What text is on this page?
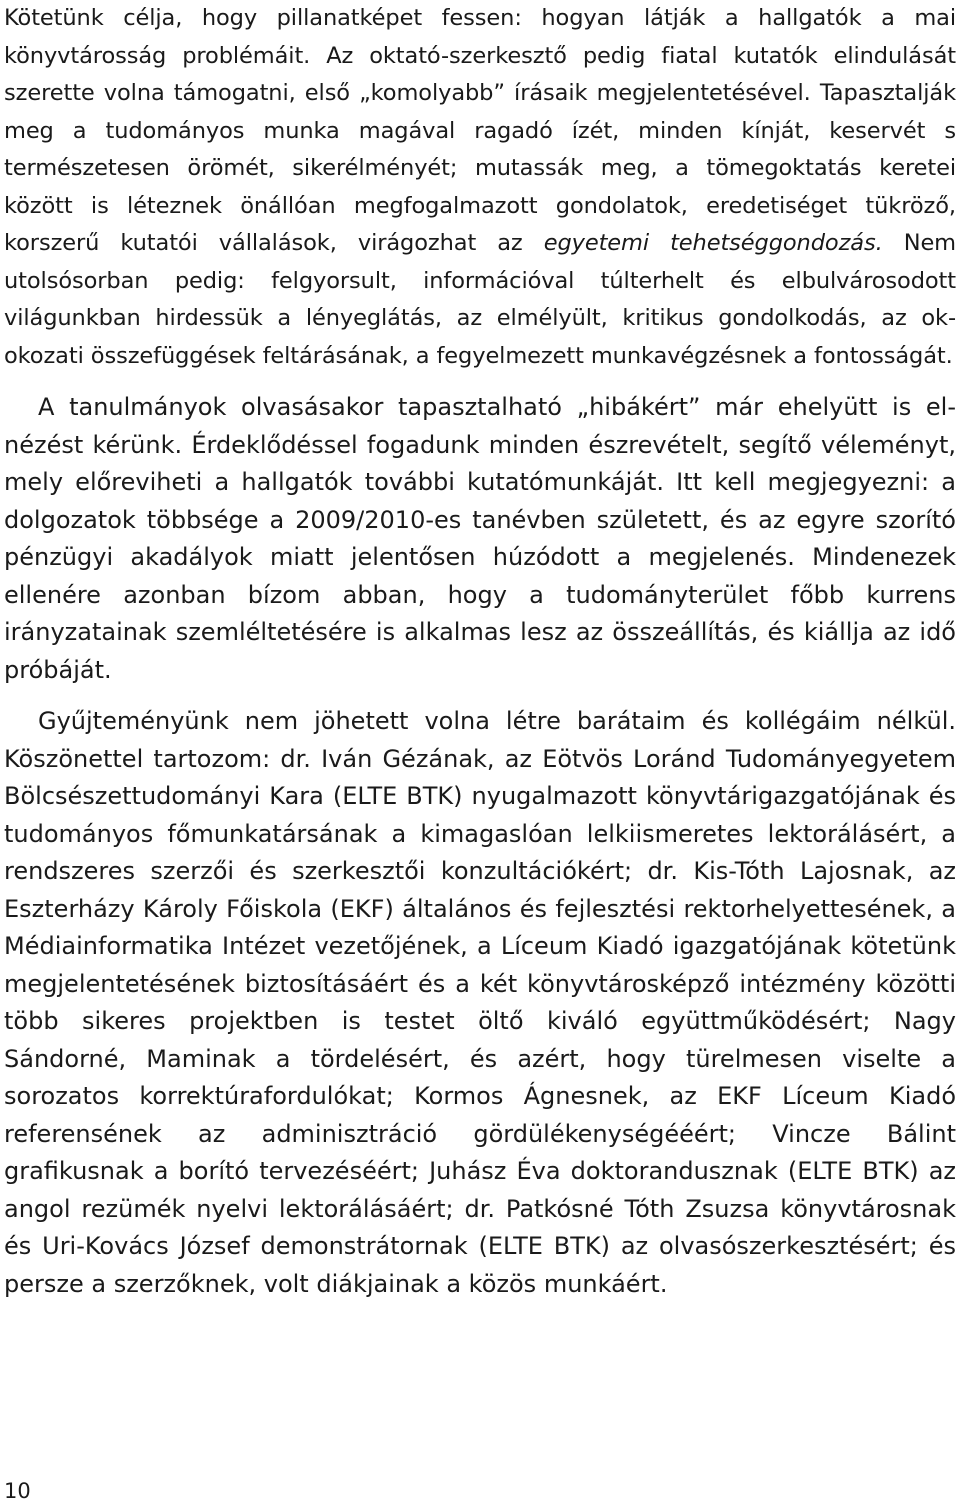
Kötetünk célja, hogy pillanatképet fessen: hogyan látják a hallgatók a mai könyvtárosság problémáit. Az oktató-szerkesztő pedig fiatal kutatók elindulását szerette volna támogatni, első „komolyabb” írásaik megjelentetésével. Tapasztalják meg a tudományos munka magával ragadó ízét, minden kínját, keservét s természetesen örömét, sikerélményét; mutassák meg, a tömegoktatás keretei között is léteznek önállóan megfogalmazott gondolatok, eredetiséget tükröző, korszerű kutatói vállalások, virágozhat az egyetemi tehetséggondozás. Nem utolsósorban pedig: felgyorsult, információval túlterhelt és elbulvárosodott világunkban hirdessük a lényeglátás, az elmélyült, kritikus gondolkodás, az ok-okozati összefüggések feltárásának, a fegyelmezett munkavégzésnek a fontosságát.

A tanulmányok olvasásakor tapasztalható „hibákért” már ehelyütt is elnézést kérünk. Érdeklődéssel fogadunk minden észrevételt, segítő véleményt, mely előreviheti a hallgatók további kutatómunkáját. Itt kell megjegyezni: a dolgozatok többsége a 2009/2010-es tanévben született, és az egyre szorító pénzügyi akadályok miatt jelentősen húzódott a megjelenés. Mindenezek ellenére azonban bízom abban, hogy a tudományterület főbb kurrens irányzatainak szemléltetésére is alkalmas lesz az összeállítás, és kiállja az idő próbáját.

Gyűjteményünk nem jöhetett volna létre barátaim és kollégáim nélkül. Köszönettel tartozom: dr. Iván Gézának, az Eötvös Loránd Tudományegyetem Bölcsészettudományi Kara (ELTE BTK) nyugalmazott könyvtárigazgatójának és tudományos főmunkatársának a kimagaslóan lelkiismeretes lektorálásért, a rendszeres szerzői és szerkesztői konzultációkért; dr. Kis-Tóth Lajosnak, az Eszterházy Károly Főiskola (EKF) általános és fejlesztési rektorhelyettesének, a Médiainformatika Intézet vezetőjének, a Líceum Kiadó igazgatójának kötetünk megjelentetésének biztosításáért és a két könyvtárosképző intézmény közötti több sikeres projektben is testet öltő kiváló együttműködésért; Nagy Sándorné, Maminak a tördelésért, és azért, hogy türelmesen viselte a sorozatos korrektúrafordulókat; Kormos Ágnesnek, az EKF Líceum Kiadó referensének az adminisztráció gördülékenységééért; Vincze Bálint grafikusnak a borító tervezéséért; Juhász Éva doktorandusznak (ELTE BTK) az angol rezümék nyelvi lektorálásáért; dr. Patkósné Tóth Zsuzsa könyvtárosnak és Uri-Kovács József demonstrátornak (ELTE BTK) az olvasószerkesztésért; és persze a szerzőknek, volt diákjainak a közös munkáért.

10
